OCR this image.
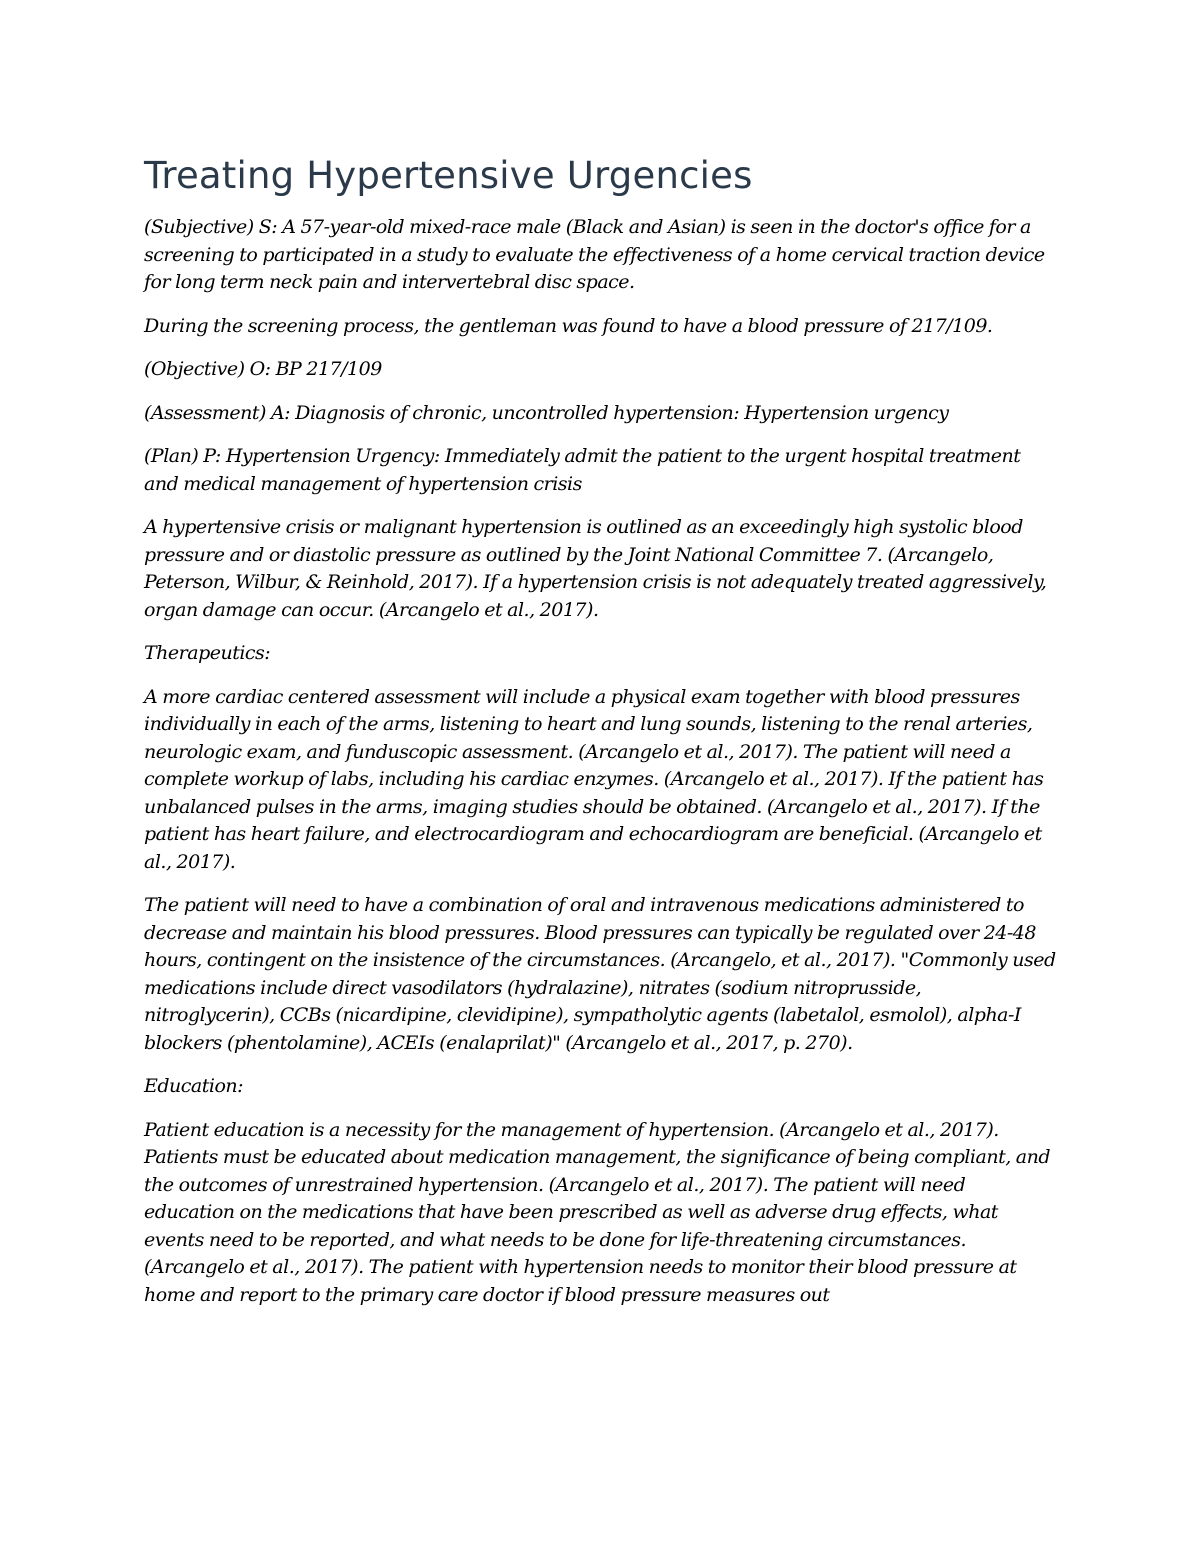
Treating Hypertensive Urgencies

(Subjective) S: A 57-year-old mixed-race male (Black and Asian) is seen in the doctor's office for a screening to participated in a study to evaluate the effectiveness of a home cervical traction device for long term neck pain and intervertebral disc space.

During the screening process, the gentleman was found to have a blood pressure of 217/109.

(Objective) O: BP 217/109

(Assessment) A: Diagnosis of chronic, uncontrolled hypertension: Hypertension urgency

(Plan) P: Hypertension Urgency: Immediately admit the patient to the urgent hospital treatment and medical management of hypertension crisis

A hypertensive crisis or malignant hypertension is outlined as an exceedingly high systolic blood pressure and or diastolic pressure as outlined by the Joint National Committee 7. (Arcangelo, Peterson, Wilbur, & Reinhold, 2017). If a hypertension crisis is not adequately treated aggressively, organ damage can occur. (Arcangelo et al., 2017).

Therapeutics:

A more cardiac centered assessment will include a physical exam together with blood pressures individually in each of the arms, listening to heart and lung sounds, listening to the renal arteries, neurologic exam, and funduscopic assessment. (Arcangelo et al., 2017). The patient will need a complete workup of labs, including his cardiac enzymes. (Arcangelo et al., 2017). If the patient has unbalanced pulses in the arms, imaging studies should be obtained. (Arcangelo et al., 2017). If the patient has heart failure, and electrocardiogram and echocardiogram are beneficial. (Arcangelo et al., 2017).

The patient will need to have a combination of oral and intravenous medications administered to decrease and maintain his blood pressures. Blood pressures can typically be regulated over 24-48 hours, contingent on the insistence of the circumstances. (Arcangelo, et al., 2017). "Commonly used medications include direct vasodilators (hydralazine), nitrates (sodium nitroprusside, nitroglycerin), CCBs (nicardipine, clevidipine), sympatholytic agents (labetalol, esmolol), alpha-I blockers (phentolamine), ACEIs (enalaprilat)" (Arcangelo et al., 2017, p. 270).

Education:

Patient education is a necessity for the management of hypertension. (Arcangelo et al., 2017). Patients must be educated about medication management, the significance of being compliant, and the outcomes of unrestrained hypertension. (Arcangelo et al., 2017). The patient will need education on the medications that have been prescribed as well as adverse drug effects, what events need to be reported, and what needs to be done for life-threatening circumstances. (Arcangelo et al., 2017). The patient with hypertension needs to monitor their blood pressure at home and report to the primary care doctor if blood pressure measures out
